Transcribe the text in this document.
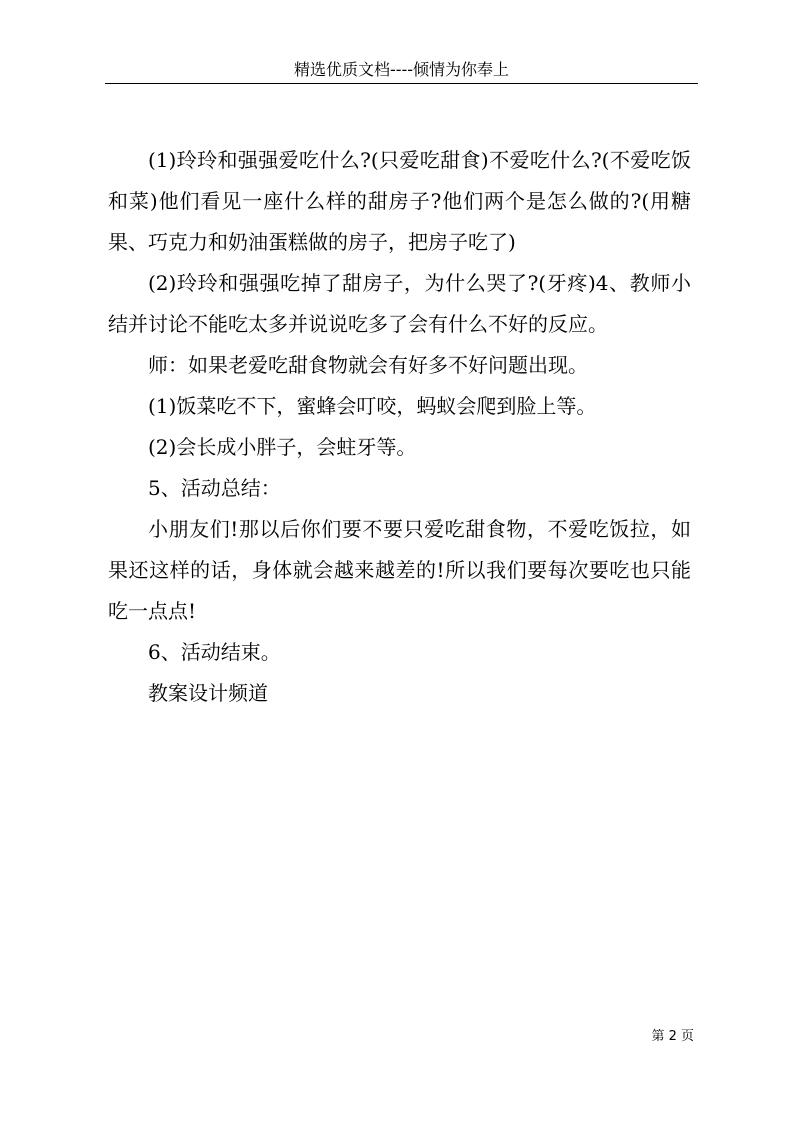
精选优质文档----倾情为你奉上

(1)玲玲和强强爱吃什么?(只爱吃甜食)不爱吃什么?(不爱吃饭和菜)他们看见一座什么样的甜房子?他们两个是怎么做的?(用糖果、巧克力和奶油蛋糕做的房子，把房子吃了)

(2)玲玲和强强吃掉了甜房子，为什么哭了?(牙疼)4、教师小结并讨论不能吃太多并说说吃多了会有什么不好的反应。

师：如果老爱吃甜食物就会有好多不好问题出现。

(1)饭菜吃不下，蜜蜂会叮咬，蚂蚁会爬到脸上等。

(2)会长成小胖子，会蛀牙等。

5、活动总结：

小朋友们!那以后你们要不要只爱吃甜食物，不爱吃饭拉，如果还这样的话，身体就会越来越差的!所以我们要每次要吃也只能吃一点点!

6、活动结束。

教案设计频道

第 2 页
